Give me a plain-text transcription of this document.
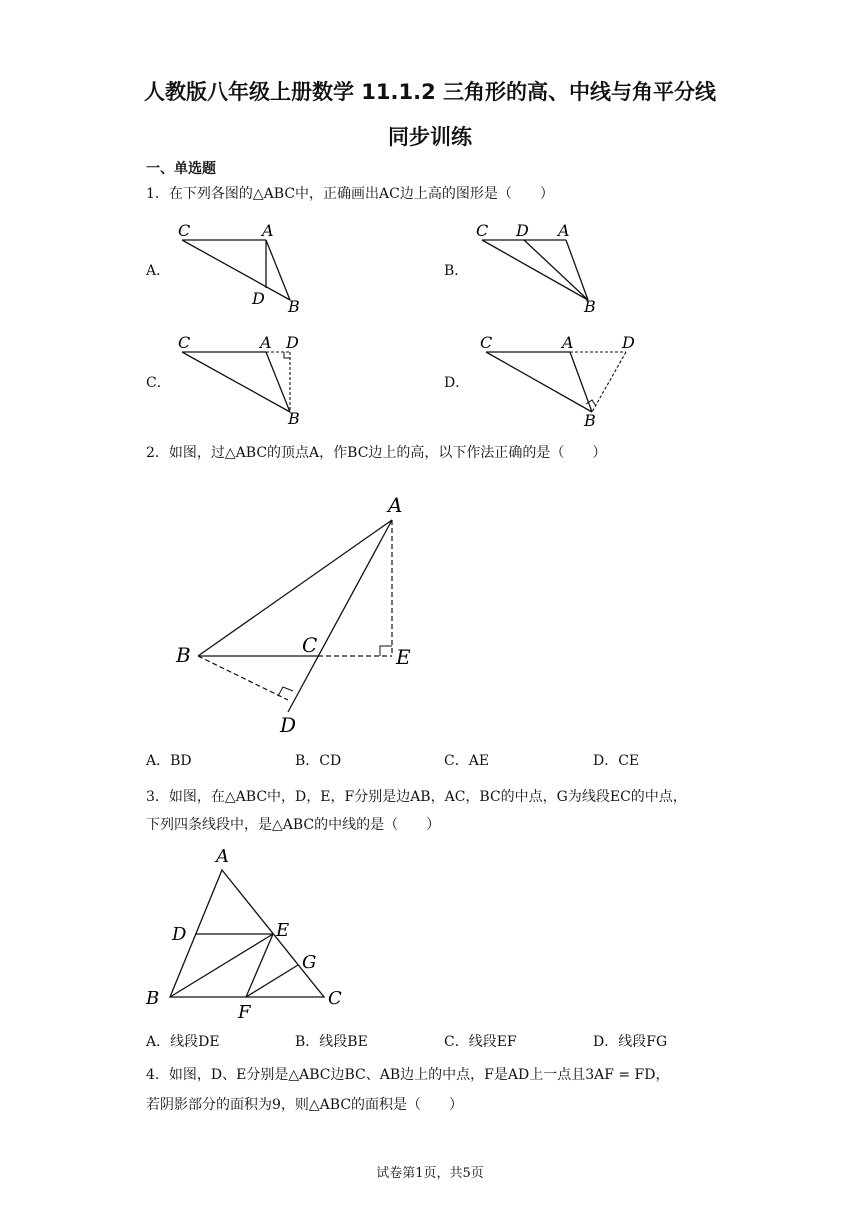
人教版八年级上册数学 11.1.2 三角形的高、中线与角平分线
同步训练
一、单选题
1．在下列各图的△ABC中，正确画出AC边上高的图形是（　　）
A．
C	A
D B
B．
C D A
B
C．
C	A D
B
D．
C	A	D
B
2．如图，过△ABC的顶点A，作BC边上的高，以下作法正确的是（　　）
A
B	C	E
D
A．BD	B．CD	C．AE	D．CE
3．如图，在△ABC中，D，E，F分别是边AB，AC，BC的中点，G为线段EC的中点，
下列四条线段中，是△ABC的中线的是（　　）
A
D	E
G
B
F
C
A．线段DE	B．线段BE	C．线段EF	D．线段FG
4．如图，D、E分别是△ABC边BC、AB边上的中点，F是AD上一点且3AF = FD，
若阴影部分的面积为9，则△ABC的面积是（　　）
试卷第1页，共5页
